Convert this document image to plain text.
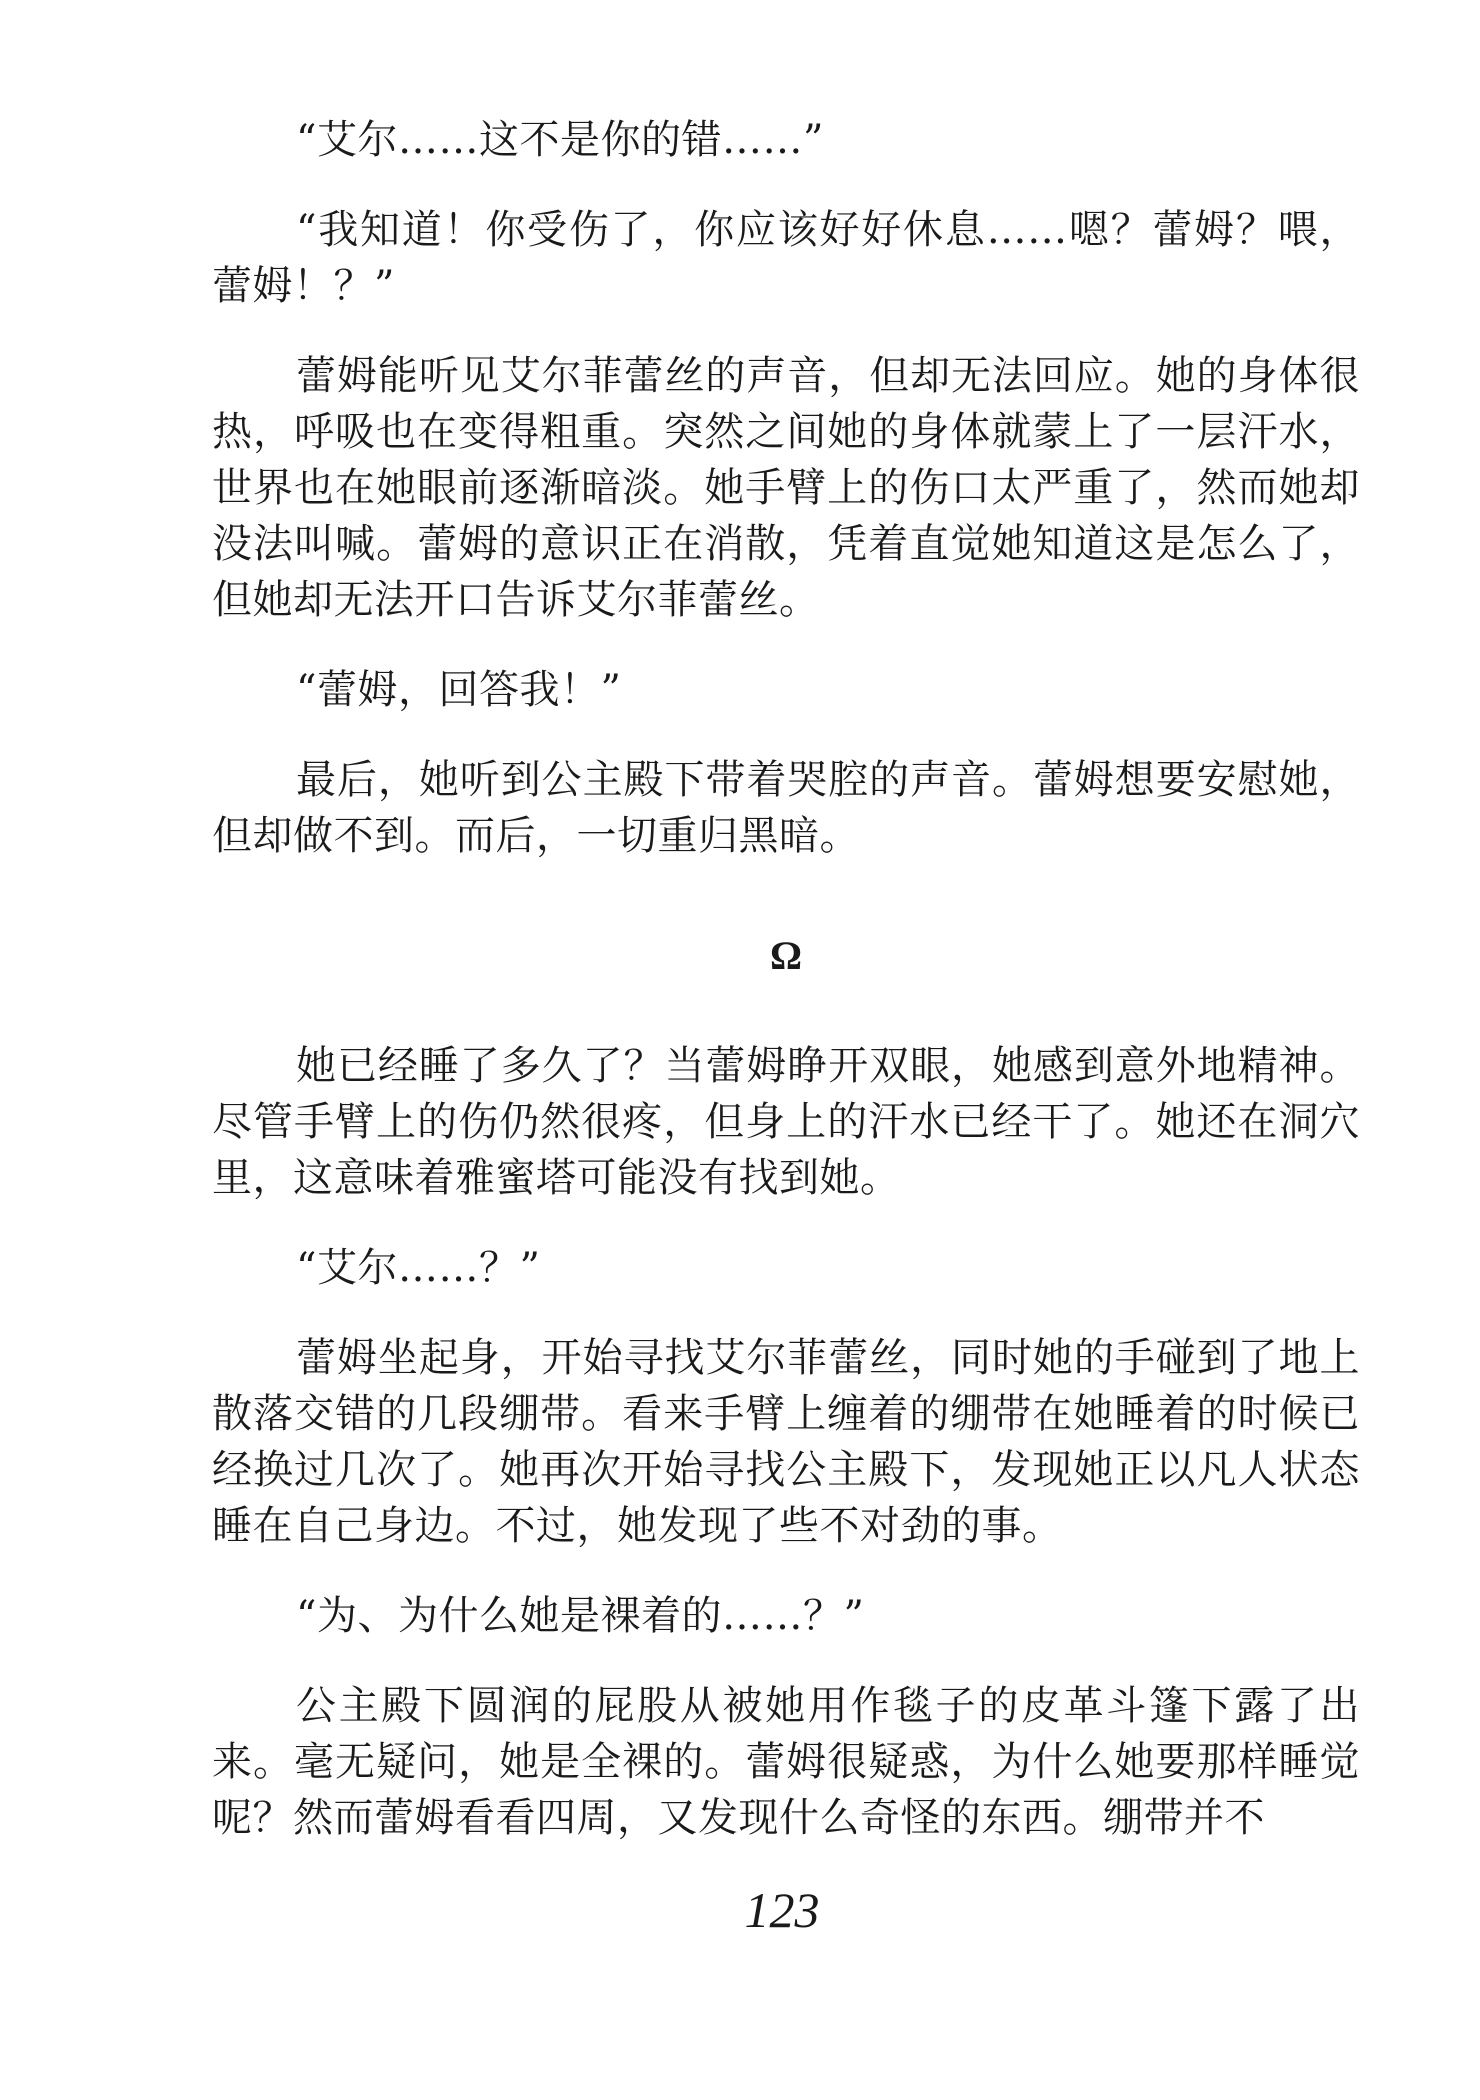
“艾尔……这不是你的错……”

“我知道！你受伤了，你应该好好休息……嗯？蕾姆？喂，蕾姆！？”

蕾姆能听见艾尔菲蕾丝的声音，但却无法回应。她的身体很热，呼吸也在变得粗重。突然之间她的身体就蒙上了一层汗水，世界也在她眼前逐渐暗淡。她手臂上的伤口太严重了，然而她却没法叫喊。蕾姆的意识正在消散，凭着直觉她知道这是怎么了，但她却无法开口告诉艾尔菲蕾丝。

“蕾姆，回答我！”

最后，她听到公主殿下带着哭腔的声音。蕾姆想要安慰她，但却做不到。而后，一切重归黑暗。

Ω

她已经睡了多久了？当蕾姆睁开双眼，她感到意外地精神。尽管手臂上的伤仍然很疼，但身上的汗水已经干了。她还在洞穴里，这意味着雅蜜塔可能没有找到她。

“艾尔……？”

蕾姆坐起身，开始寻找艾尔菲蕾丝，同时她的手碰到了地上散落交错的几段绷带。看来手臂上缠着的绷带在她睡着的时候已经换过几次了。她再次开始寻找公主殿下，发现她正以凡人状态睡在自己身边。不过，她发现了些不对劲的事。

“为、为什么她是裸着的……？”

公主殿下圆润的屁股从被她用作毯子的皮革斗篷下露了出来。毫无疑问，她是全裸的。蕾姆很疑惑，为什么她要那样睡觉呢？然而蕾姆看看四周，又发现什么奇怪的东西。绷带并不

123
